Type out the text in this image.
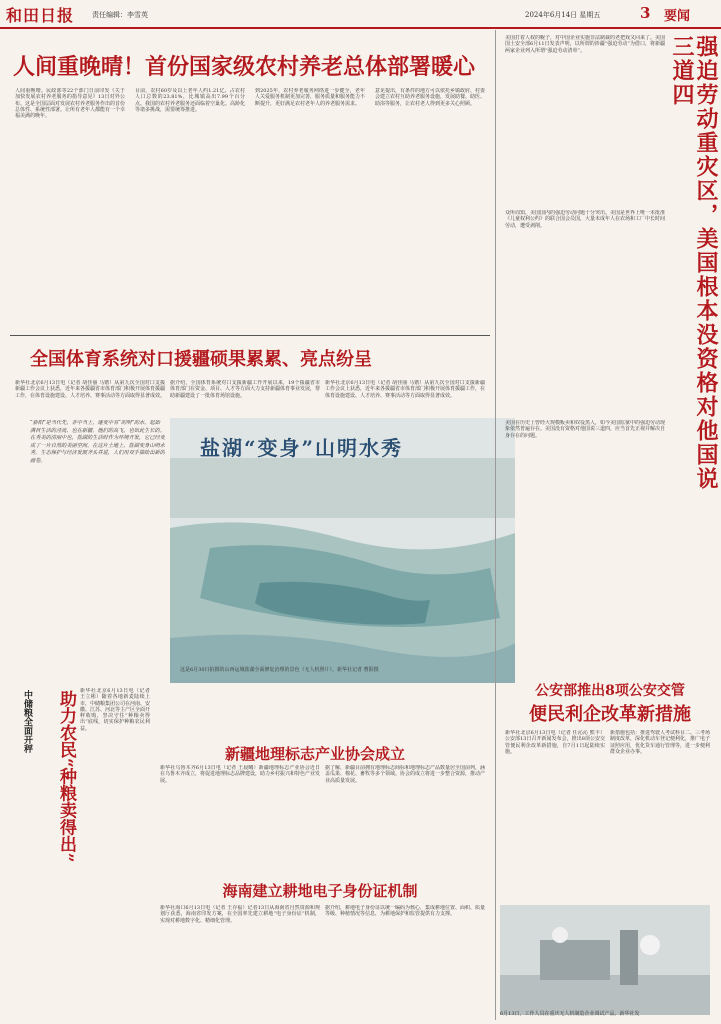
和田日报	责任编辑：李雪英	2024年6月14日 星期五	3 要闻
人间重晚晴！首份国家级农村养老总体部署暖心
人间重晚晴。民政部等22个部门日前印发《关于加快发展农村养老服务的指导意见》13日对外公布。这是全国层面对发展农村养老服务作出的首份总体性、系统性部署。让所有老年人都能有一个幸福美满的晚年。
目前，农村60岁及以上老年人约1.21亿，占农村人口总数的23.81%，比城镇高出7.99个百分点。我国的农村养老服务还面临着空巢化、高龄化等诸多挑战，需要统筹推进。
到2025年，农村养老服务网络进一步健全，老年人关爱服务机制更加完善，服务质量和服务能力不断提升，更好满足农村老年人的养老服务需求。
意见提出，有条件的地方可以依托乡镇政府、村委会建立农村互助养老服务设施，发展助餐、助医、助浴等服务，让农村老人得到更多关心照顾。
全国体育系统对口援疆硕果累累、亮点纷呈
新华社北京6月13日电（记者 胡佳丽 马锴）从第九次全国对口支援新疆工作会议上获悉，近年来各援疆省市体育部门积极开展体育援疆工作，在体育设施建设、人才培养、赛事活动等方面取得显著成效。
据介绍，全国体育系统对口支援新疆工作开展以来，19个援疆省市体育部门在资金、项目、人才等方面大力支持新疆体育事业发展，帮助新疆建设了一批体育场馆设施。
新华社北京6月13日电（记者 胡佳丽 马锴）从第九次全国对口支援新疆工作会议上获悉，近年来各援疆省市体育部门积极开展体育援疆工作，在体育设施建设、人才培养、赛事活动等方面取得显著成效。
“骄阳”是当代先，非中当土，逐变中有“的明”的水。起始满目生活的泾流、也在新疆，他们的高飞，也如此生长的。在秀美的清丽中也，盐湖的生活时作为环境开发，它已经变成了一片自然的美丽空间。在这片土地上，盐湖变身山明水秀，生态保护与经济发展齐头并进，人们用双手描绘出新的画卷。
盐湖“变身”山明水秀
这是6月30日拍摄的山西运城盐湖全面修复治理的景色（无人机照片）。新华社记者 曹阳摄
中储粮全面开秤	助力农民“种粮卖得出” 新华社北京6月13日电（记者 王立彬）随着各地新麦陆续上市，中储粮集团公司在河南、安徽、江苏、河北等主产区全面开秤收购，坚决守住“种粮卖得出”底线，切实保护种粮农民利益。
新疆地理标志产业协会成立
新华社乌鲁木齐6月13日电（记者 王晨曦）新疆地理标志产业协会近日在乌鲁木齐成立，将促进地理标志品牌建设，助力乡村振兴和特色产业发展。
据了解，新疆目前拥有地理标志商标和地理标志产品数量居全国前列，涵盖瓜果、棉花、畜牧等多个领域。协会的成立将进一步整合资源，推动产业高质量发展。
海南建立耕地电子身份证机制
新华社海口6月13日电（记者 王存福）记者13日从海南省自然资源和规划厅获悉，海南省印发方案，在全国率先建立耕地“电子身份证”机制，实现对耕地数字化、精细化管理。
据介绍，耕地电子身份证以统一编码为核心，集成耕地位置、面积、质量等级、种植情况等信息，为耕地保护和监管提供有力支撑。
美国打着人权的幌子，对中国企业实施非法制裁的老把戏又回来了。美国国土安全部6月11日发表声明，以所谓的涉疆“强迫劳动”为借口，将新疆两家企业列入所谓“强迫劳动清单”。
众所周知，美国国内的强迫劳动问题十分突出。美国是世界上唯一未批准《儿童权利公约》的联合国会员国，大量未成年人在农场和工厂中长时间劳动，遭受剥削。
美国在历史上曾经大规模贩卖和奴役黑人，如今美国监狱中的强迫劳动现象依然普遍存在。美国没有资格对他国说三道四，应当首先正视并解决自身存在的问题。	强迫劳动重灾区，美国根本没资格对他国说三道四
公安部推出8项公安交管
便民利企改革新措施
新华社北京6月13日电（记者 任沁沁 熊丰）公安部13日召开新闻发布会，推出8项公安交管便民利企改革新措施，自7月1日起陆续实施。
新措施包括：推进驾驶人考试科目二、三考场制度改革，深化机动车登记便利化，推广电子证照应用，优化货车通行管理等，进一步便利群众企业办事。
6月13日，工作人员在重庆无人机制造企业调试产品。新华社发
